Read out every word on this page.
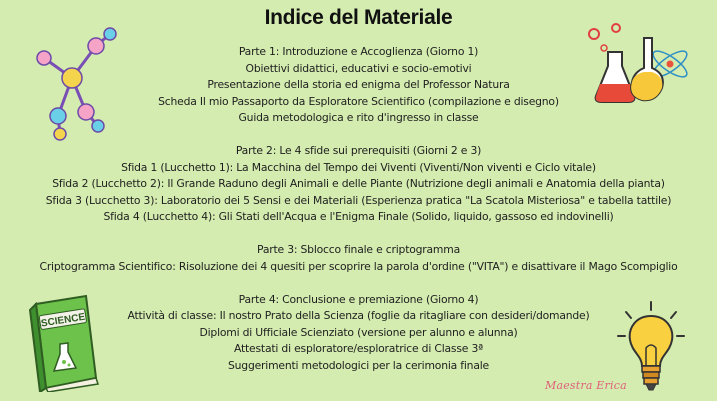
Indice del Materiale
Parte 1: Introduzione e Accoglienza (Giorno 1)
Obiettivi didattici, educativi e socio-emotivi
Presentazione della storia ed enigma del Professor Natura
Scheda Il mio Passaporto da Esploratore Scientifico (compilazione e disegno)
Guida metodologica e rito d'ingresso in classe
Parte 2: Le 4 sfide sui prerequisiti (Giorni 2 e 3)
Sfida 1 (Lucchetto 1): La Macchina del Tempo dei Viventi (Viventi/Non viventi e Ciclo vitale)
Sfida 2 (Lucchetto 2): Il Grande Raduno degli Animali e delle Piante (Nutrizione degli animali e Anatomia della pianta)
Sfida 3 (Lucchetto 3): Laboratorio dei 5 Sensi e dei Materiali (Esperienza pratica "La Scatola Misteriosa" e tabella tattile)
Sfida 4 (Lucchetto 4): Gli Stati dell'Acqua e l'Enigma Finale (Solido, liquido, gassoso ed indovinelli)
Parte 3: Sblocco finale e criptogramma
Criptogramma Scientifico: Risoluzione dei 4 quesiti per scoprire la parola d'ordine ("VITA") e disattivare il Mago Scompiglio
Parte 4: Conclusione e premiazione (Giorno 4)
Attività di classe: Il nostro Prato della Scienza (foglie da ritagliare con desideri/domande)
Diplomi di Ufficiale Scienziato (versione per alunno e alunna)
Attestati di esploratore/esploratrice di Classe 3ª
Suggerimenti metodologici per la cerimonia finale
SCIENCE
Maestra Erica
